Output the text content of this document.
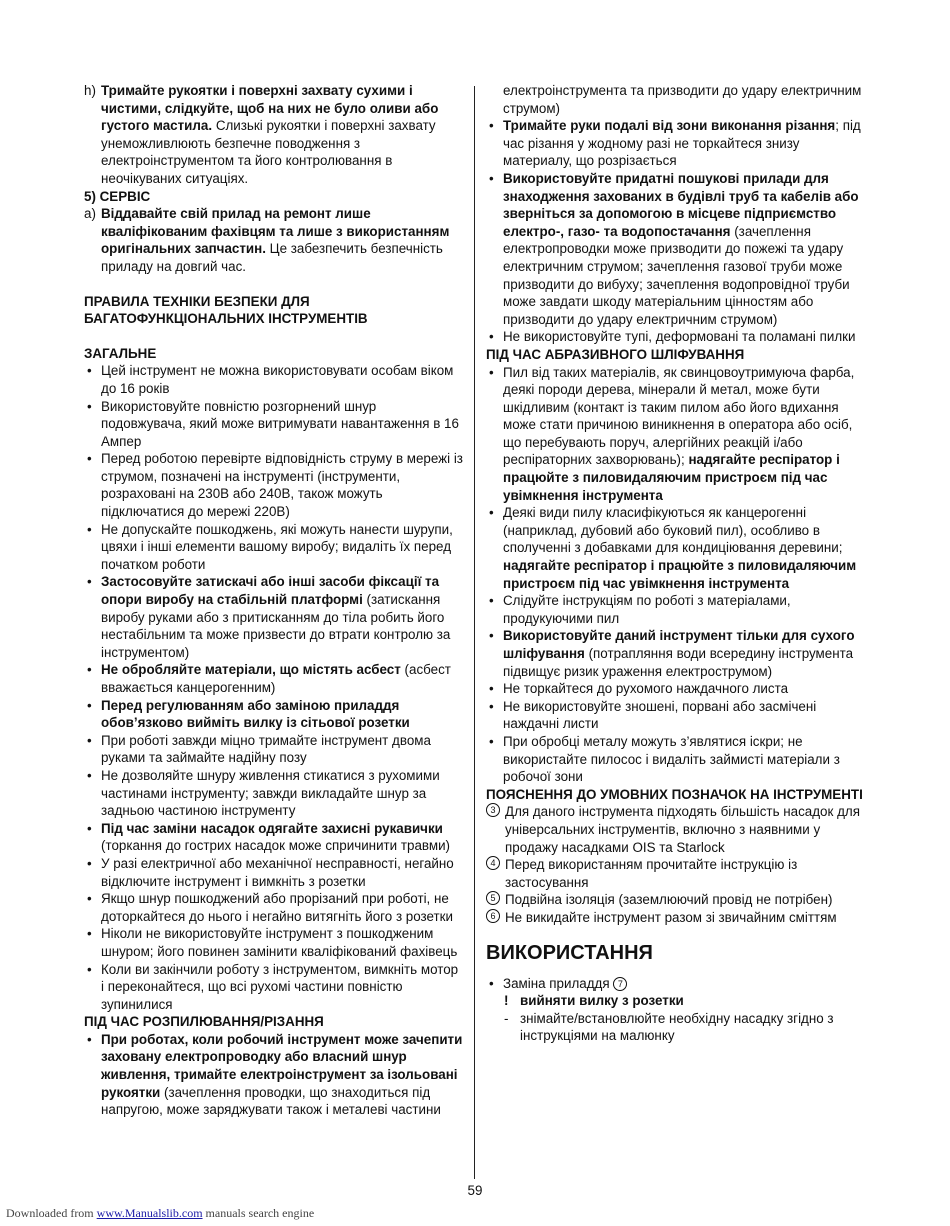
h) Тримайте рукоятки і поверхні захвату сухими і чистими, слідкуйте, щоб на них не було оливи або густого мастила. Слизькі рукоятки і поверхні захвату унеможливлюють безпечне поводження з електроінструментом та його контролювання в неочікуваних ситуаціях.

5) СЕРВІС

a) Віддавайте свій прилад на ремонт лише кваліфікованим фахівцям та лише з використанням оригінальних запчастин. Це забезпечить безпечність приладу на довгий час.

ПРАВИЛА ТЕХНІКИ БЕЗПЕКИ ДЛЯ

БАГАТОФУНКЦІОНАЛЬНИХ ІНСТРУМЕНТІВ

ЗАГАЛЬНЕ

• Цей інструмент не можна використовувати особам віком до 16 років

• Використовуйте повністю розгорнений шнур подовжувача, який може витримувати навантаження в 16 Ампер

• Перед роботою перевірте відповідність струму в мережі із струмом, позначені на інструменті (інструменти, розраховані на 230В або 240В, також можуть підключатися до мережі 220В)

• Не допускайте пошкоджень, які можуть нанести шурупи, цвяхи і інші елементи вашому виробу; видаліть їх перед початком роботи

• Застосовуйте затискачі або інші засоби фіксації та опори виробу на стабільній платформі (затискання виробу руками або з притисканням до тіла робить його нестабільним та може призвести до втрати контролю за інструментом)

• Не обробляйте матеріали, що містять асбест (асбест вважається канцерогенним)

• Перед регулюванням або заміною приладдя обов’язково вийміть вилку із сітьової розетки

• При роботі завжди міцно тримайте інструмент двома руками та займайте надійну позу

• Не дозволяйте шнуру живлення стикатися з рухомими частинами інструменту; завжди викладайте шнур за задньою частиною інструменту

• Під час заміни насадок одягайте захисні рукавички (торкання до гострих насадок може спричинити травми)

• У разі електричної або механічної несправності, негайно відключите інструмент і вимкніть з розетки

• Якщо шнур пошкоджений або прорізаний при роботі, не доторкайтеся до нього і негайно витягніть його з розетки

• Ніколи не використовуйте інструмент з пошкодженим шнуром; його повинен замінити кваліфікований фахівець

• Коли ви закінчили роботу з інструментом, вимкніть мотор і переконайтеся, що всі рухомі частини повністю зупинилися

ПІД ЧАС РОЗПИЛЮВАННЯ/РІЗАННЯ

• При роботах, коли робочий інструмент може зачепити заховану електропроводку або власний шнур живлення, тримайте електроінструмент за ізольовані рукоятки (зачеплення проводки, що знаходиться під напругою, може заряджувати також і металеві частини

електроінструмента та призводити до удару електричним струмом)

• Тримайте руки подалі від зони виконання різання; під час різання у жодному разі не торкайтеся знизу материалу, що розрізається

• Використовуйте придатні пошукові прилади для знаходження захованих в будівлі труб та кабелів або зверніться за допомогою в місцеве підприємство електро-, газо- та водопостачання (зачеплення електропроводки може призводити до пожежі та удару електричним струмом; зачеплення газової труби може призводити до вибуху; зачеплення водопровідної труби може завдати шкоду матеріальним цінностям або призводити до удару електричним струмом)

• Не використовуйте тупі, деформовані та поламані пилки

ПІД ЧАС АБРАЗИВНОГО ШЛІФУВАННЯ

• Пил від таких матеріалів, як свинцовоутримуюча фарба, деякі породи дерева, мінерали й метал, може бути шкідливим (контакт із таким пилом або його вдихання може стати причиною виникнення в оператора або осіб, що перебувають поруч, алергійних реакцій і/або респіраторних захворювань); надягайте респіратор і працюйте з пиловидаляючим пристроєм під час увімкнення інструмента

• Деякі види пилу класифікуються як канцерогенні (наприклад, дубовий або буковий пил), особливо в сполученні з добавками для кондиціювання деревини; надягайте респіратор і працюйте з пиловидаляючим пристроєм під час увімкнення інструмента

• Слідуйте інструкціям по роботі з матеріалами, продукуючими пил

• Використовуйте даний інструмент тільки для сухого шліфування (потрапляння води всередину інструмента підвищує ризик ураження електрострумом)

• Не торкайтеся до рухомого наждачного листа

• Не використовуйте зношені, порвані або засмічені наждачні листи

• При обробці металу можуть з’являтися іскри; не використайте пилосос і видаліть займисті матеріали з робочої зони

ПОЯСНЕННЯ ДО УМОВНИХ ПОЗНАЧОК НА ІНСТРУМЕНТІ

3 Для даного інструмента підходять більшість насадок для універсальних інструментів, включно з наявними у продажу насадками OIS та Starlock

4 Перед використанням прочитайте інструкцію із застосування

5 Подвійна ізоляція (заземлюючий провід не потрібен)

6 Не викидайте інструмент разом зі звичайним сміттям

ВИКОРИСТАННЯ

• Заміна приладдя 7

! вийняти вилку з розетки

- знімайте/встановлюйте необхідну насадку згідно з інструкціями на малюнку

59
Downloaded from www.Manualslib.com manuals search engine
